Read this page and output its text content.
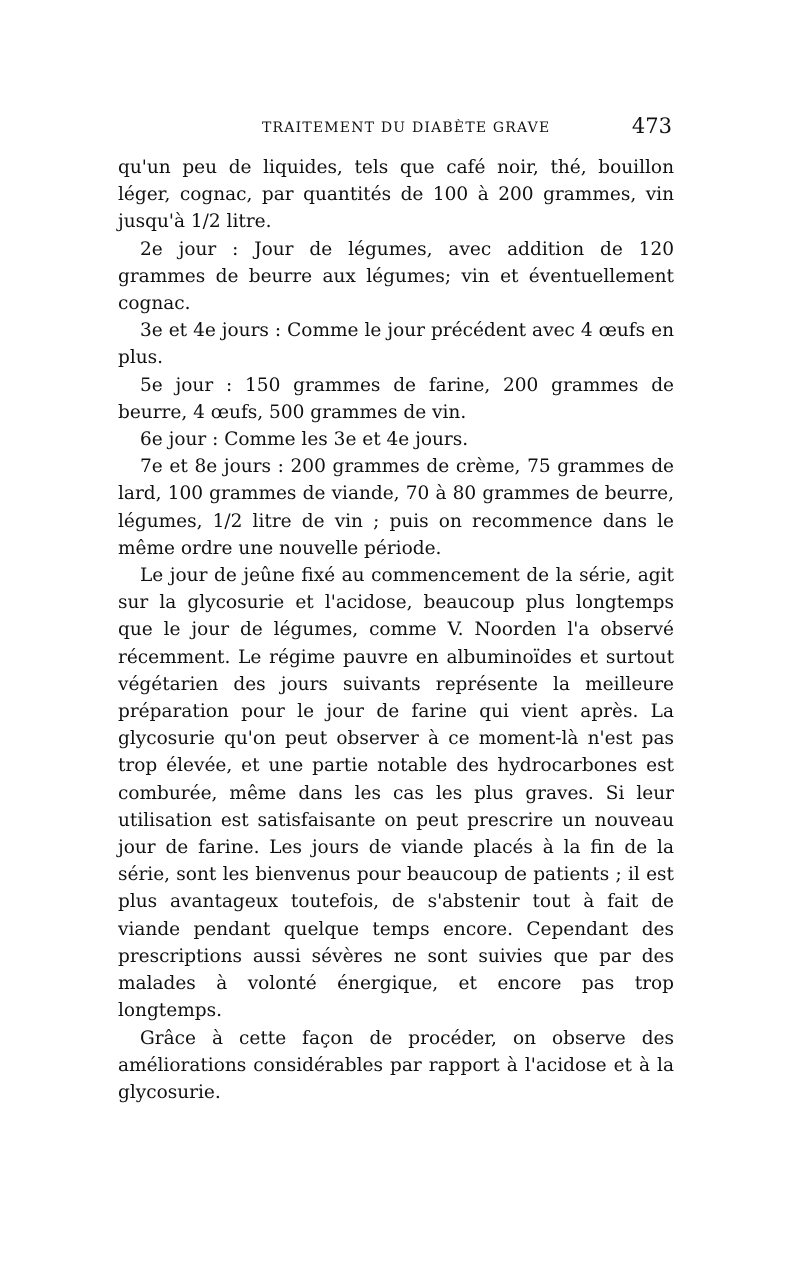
TRAITEMENT DU DIABÈTE GRAVE	473

qu'un peu de liquides, tels que café noir, thé, bouillon léger, cognac, par quantités de 100 à 200 grammes, vin jusqu'à 1/2 litre.

2e jour : Jour de légumes, avec addition de 120 grammes de beurre aux légumes; vin et éventuellement cognac.

3e et 4e jours : Comme le jour précédent avec 4 œufs en plus.

5e jour : 150 grammes de farine, 200 grammes de beurre, 4 œufs, 500 grammes de vin.

6e jour : Comme les 3e et 4e jours.

7e et 8e jours : 200 grammes de crème, 75 grammes de lard, 100 grammes de viande, 70 à 80 grammes de beurre, légumes, 1/2 litre de vin ; puis on recommence dans le même ordre une nouvelle période.

Le jour de jeûne fixé au commencement de la série, agit sur la glycosurie et l'acidose, beaucoup plus longtemps que le jour de légumes, comme V. Noorden l'a observé récemment. Le régime pauvre en albuminoïdes et surtout végétarien des jours suivants représente la meilleure préparation pour le jour de farine qui vient après. La glycosurie qu'on peut observer à ce moment-là n'est pas trop élevée, et une partie notable des hydrocarbones est comburée, même dans les cas les plus graves. Si leur utilisation est satisfaisante on peut prescrire un nouveau jour de farine. Les jours de viande placés à la fin de la série, sont les bienvenus pour beaucoup de patients ; il est plus avantageux toutefois, de s'abstenir tout à fait de viande pendant quelque temps encore. Cependant des prescriptions aussi sévères ne sont suivies que par des malades à volonté énergique, et encore pas trop longtemps.

Grâce à cette façon de procéder, on observe des améliorations considérables par rapport à l'acidose et à la glycosurie.
